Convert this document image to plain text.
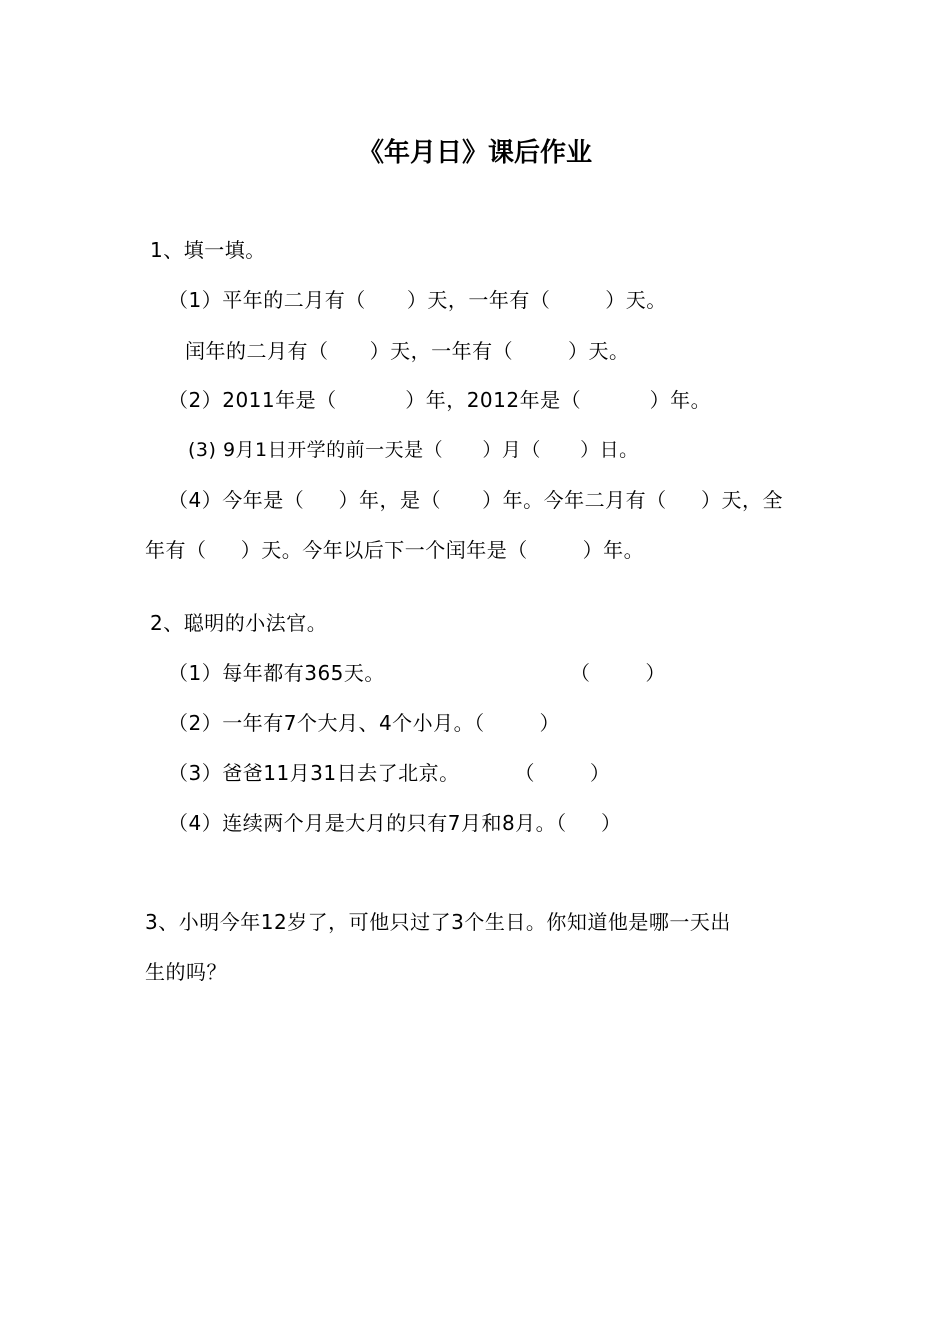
《年月日》课后作业
1、填一填。
（1）平年的二月有（      ）天，一年有（        ）天。
闰年的二月有（      ）天，一年有（        ）天。
（2）2011年是（          ）年，2012年是（          ）年。
(3) 9月1日开学的前一天是（      ）月（      ）日。
（4）今年是（     ）年，是（      ）年。今年二月有（     ）天，全
年有（     ）天。今年以后下一个闰年是（        ）年。
2、聪明的小法官。
（1）每年都有365天。                           （        ）
（2）一年有7个大月、4个小月。（        ）
（3）爸爸11月31日去了北京。        （        ）
（4）连续两个月是大月的只有7月和8月。（     ）
3、小明今年12岁了，可他只过了3个生日。你知道他是哪一天出
生的吗？
